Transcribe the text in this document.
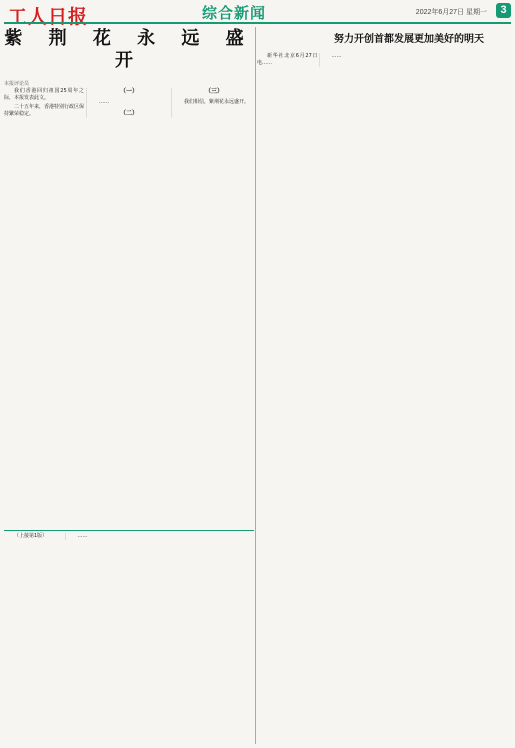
工人日报	综合新闻	2022年6月27日 星期一	3
紫 荆 花 永 远 盛 开
本报评论员

我们香港回归祖国25周年之际，本报发表此文。

二十五年来，香港特别行政区保持繁荣稳定。

（一）

……

（二）
（三）

我们相信，紫荆花永远盛开。

努力开创首都发展更加美好的明天

新华社北京6月27日电……

……

（上接第1版）	……
